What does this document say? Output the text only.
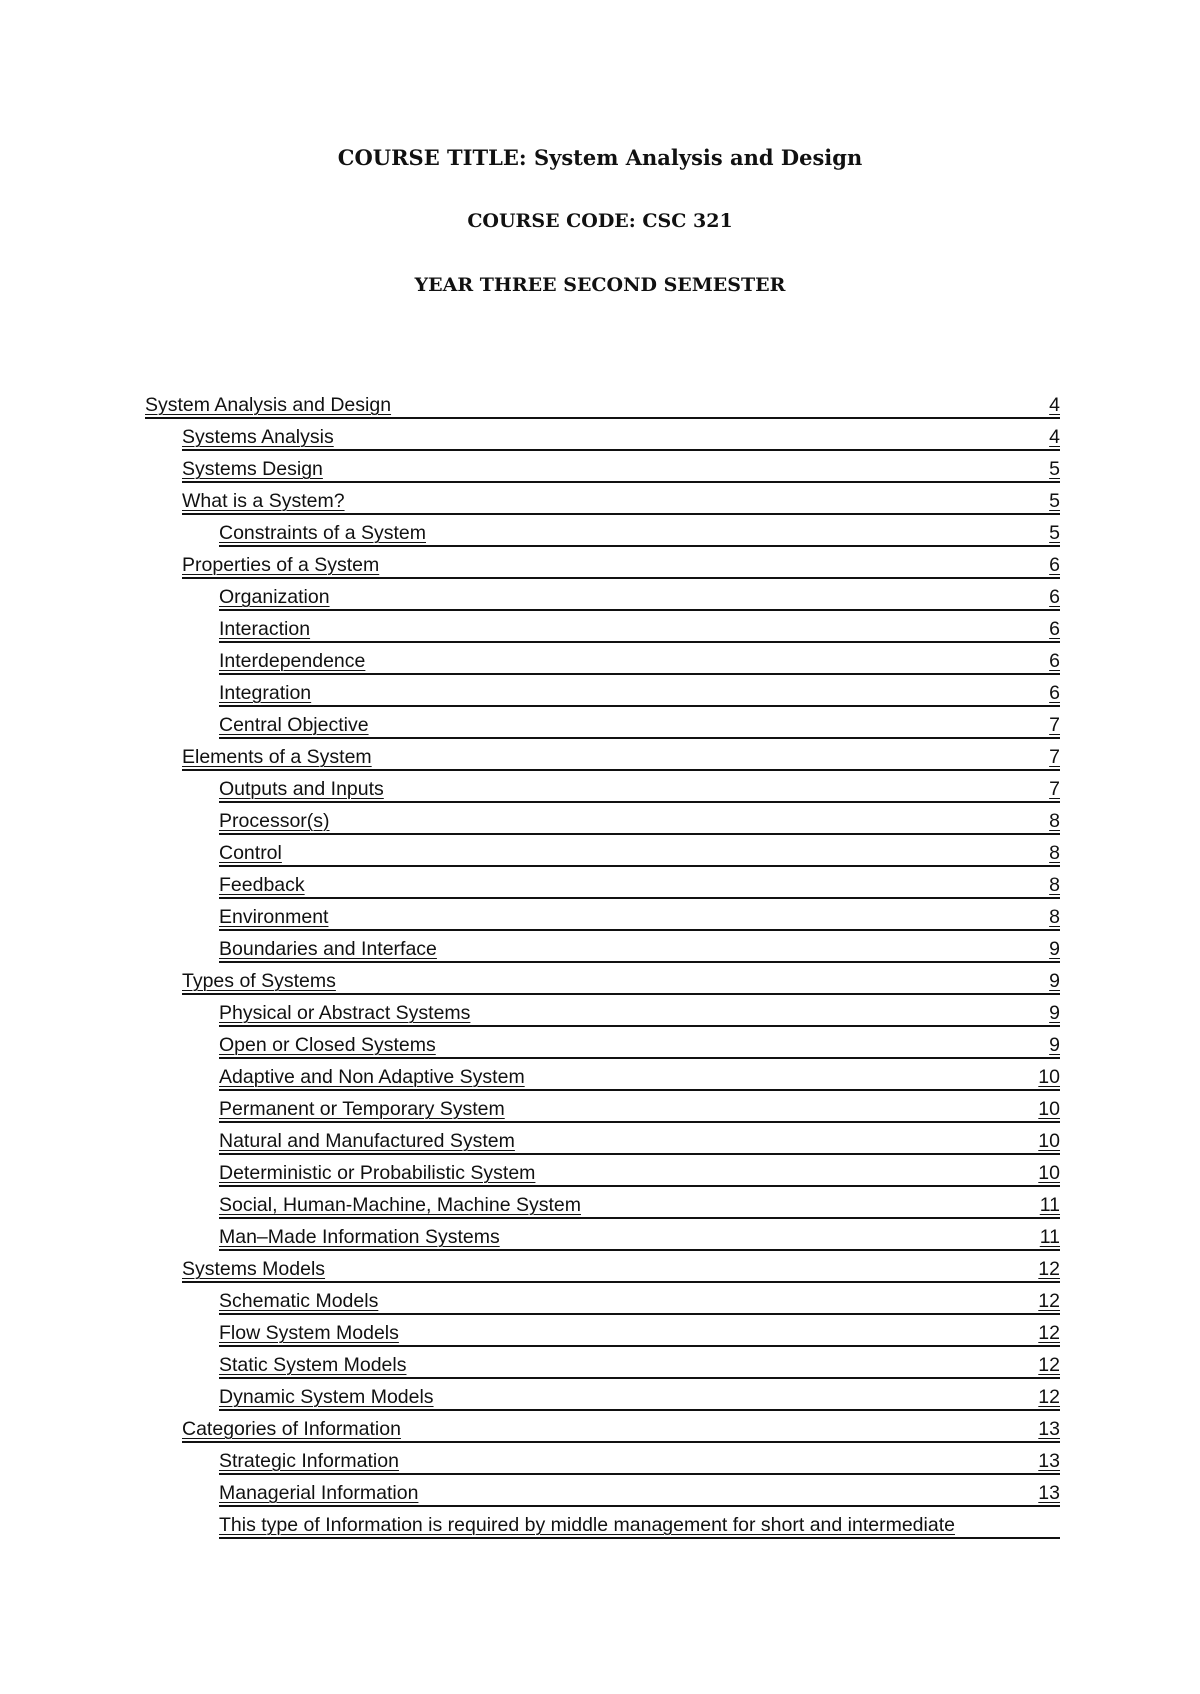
COURSE TITLE: System Analysis and Design
COURSE CODE: CSC 321
YEAR THREE SECOND SEMESTER
System Analysis and Design	4
Systems Analysis	4
Systems Design	5
What is a System?	5
Constraints of a System	5
Properties of a System	6
Organization	6
Interaction	6
Interdependence	6
Integration	6
Central Objective	7
Elements of a System	7
Outputs and Inputs	7
Processor(s)	8
Control	8
Feedback	8
Environment	8
Boundaries and Interface	9
Types of Systems	9
Physical or Abstract Systems	9
Open or Closed Systems	9
Adaptive and Non Adaptive System	10
Permanent or Temporary System	10
Natural and Manufactured System	10
Deterministic or Probabilistic System	10
Social, Human-Machine, Machine System	11
Man–Made Information Systems	11
Systems Models	12
Schematic Models	12
Flow System Models	12
Static System Models	12
Dynamic System Models	12
Categories of Information	13
Strategic Information	13
Managerial Information	13
This type of Information is required by middle management for short and intermediate
